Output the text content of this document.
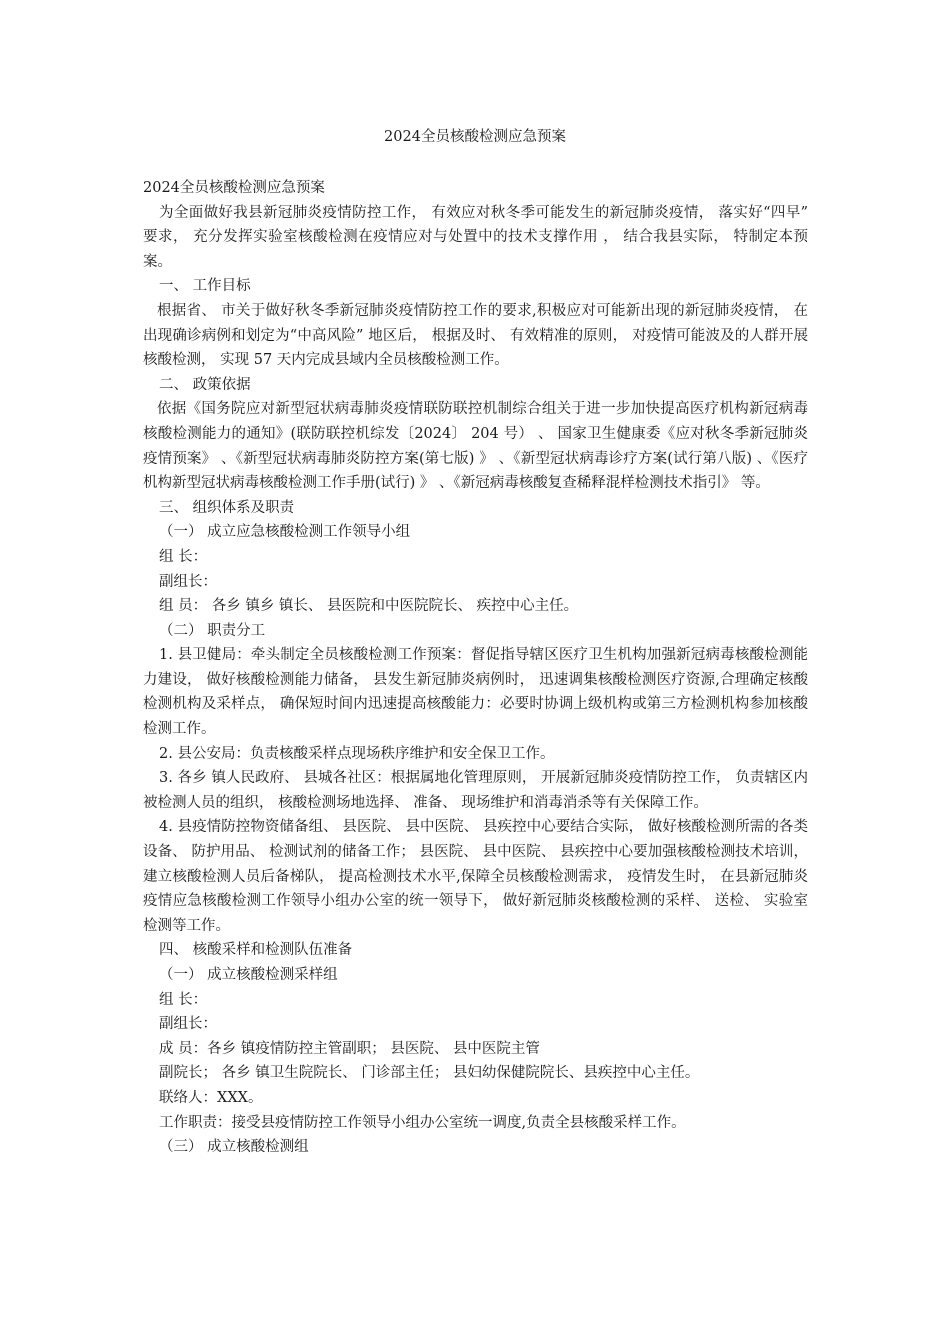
2024全员核酸检测应急预案

2024全员核酸检测应急预案

为全面做好我县新冠肺炎疫情防控工作， 有效应对秋冬季可能发生的新冠肺炎疫情， 落实好“四早” 要求， 充分发挥实验室核酸检测在疫情应对与处置中的技术支撑作用 ， 结合我县实际， 特制定本预案。

一、 工作目标

根据省、 市关于做好秋冬季新冠肺炎疫情防控工作的要求,积极应对可能新出现的新冠肺炎疫情， 在出现确诊病例和划定为“中高风险” 地区后， 根据及时、 有效精准的原则， 对疫情可能波及的人群开展核酸检测， 实现 57 天内完成县域内全员核酸检测工作。

二、 政策依据

依据《国务院应对新型冠状病毒肺炎疫情联防联控机制综合组关于进一步加快提高医疗机构新冠病毒核酸检测能力的通知》(联防联控机综发〔2024〕 204 号） 、 国家卫生健康委《应对秋冬季新冠肺炎疫情预案》 、《新型冠状病毒肺炎防控方案(第七版) 》 、《新型冠状病毒诊疗方案(试行第八版) 、《医疗机构新型冠状病毒核酸检测工作手册(试行) 》 、《新冠病毒核酸复查稀释混样检测技术指引》 等。

三、 组织体系及职责

（一） 成立应急核酸检测工作领导小组

组 长：

副组长：

组 员： 各乡 镇乡 镇长、 县医院和中医院院长、 疾控中心主任。

（二） 职责分工

1. 县卫健局：牵头制定全员核酸检测工作预案：督促指导辖区医疗卫生机构加强新冠病毒核酸检测能力建设， 做好核酸检测能力储备， 县发生新冠肺炎病例时， 迅速调集核酸检测医疗资源,合理确定核酸检测机构及采样点， 确保短时间内迅速提高核酸能力：必要时协调上级机构或第三方检测机构参加核酸检测工作。

2. 县公安局：负责核酸采样点现场秩序维护和安全保卫工作。

3. 各乡 镇人民政府、 县城各社区：根据属地化管理原则， 开展新冠肺炎疫情防控工作， 负责辖区内被检测人员的组织， 核酸检测场地选择、 准备、 现场维护和消毒消杀等有关保障工作。

4. 县疫情防控物资储备组、 县医院、 县中医院、 县疾控中心要结合实际， 做好核酸检测所需的各类设备、 防护用品、 检测试剂的储备工作； 县医院、 县中医院、 县疾控中心要加强核酸检测技术培训， 建立核酸检测人员后备梯队， 提高检测技术水平,保障全员核酸检测需求， 疫情发生时， 在县新冠肺炎疫情应急核酸检测工作领导小组办公室的统一领导下， 做好新冠肺炎核酸检测的采样、 送检、 实验室检测等工作。

四、 核酸采样和检测队伍准备

（一） 成立核酸检测采样组

组 长：

副组长：

成 员：各乡 镇疫情防控主管副职； 县医院、 县中医院主管

副院长； 各乡 镇卫生院院长、 门诊部主任； 县妇幼保健院院长、县疾控中心主任。

联络人：XXX。

工作职责：接受县疫情防控工作领导小组办公室统一调度,负责全县核酸采样工作。

（三） 成立核酸检测组
